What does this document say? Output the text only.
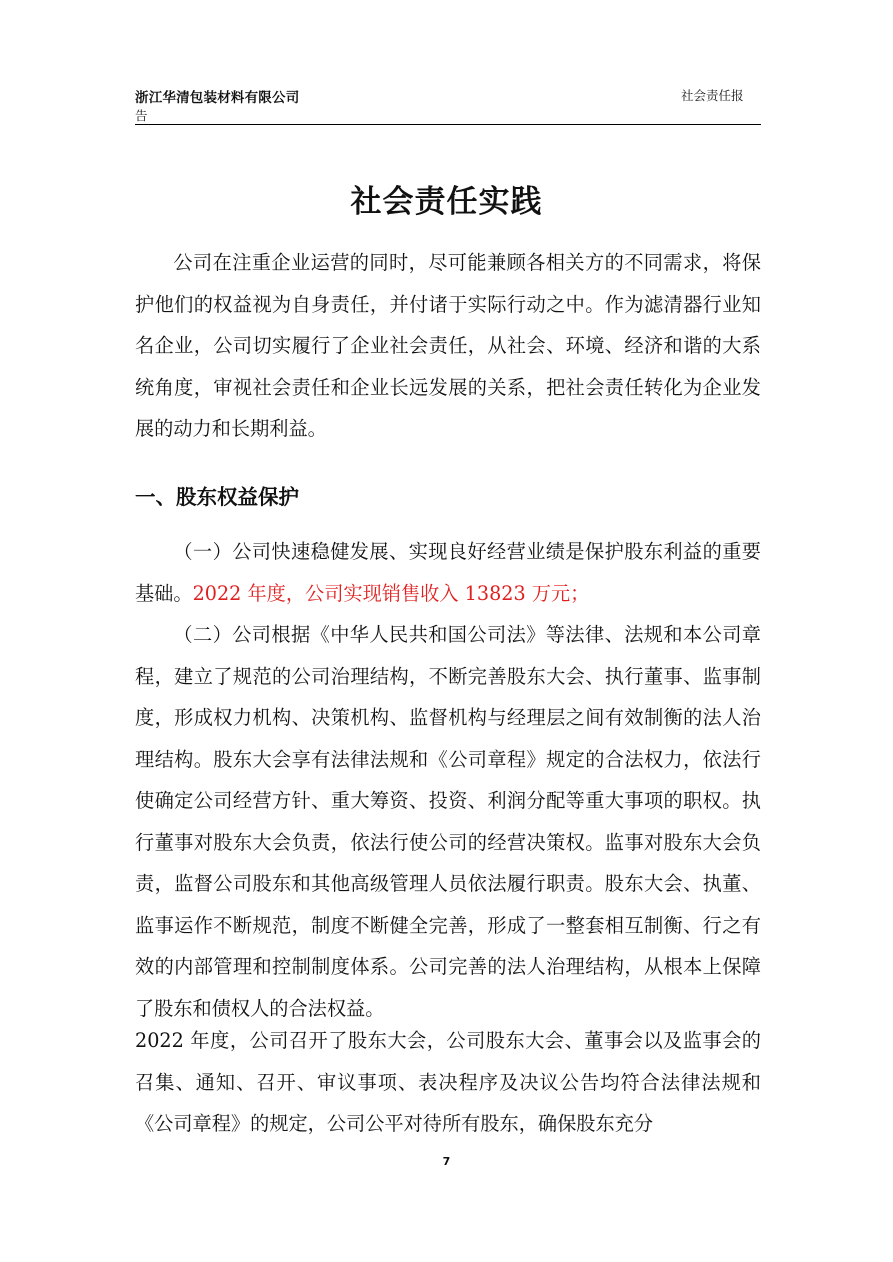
浙江华清包装材料有限公司
告
社会责任报
社会责任实践

公司在注重企业运营的同时，尽可能兼顾各相关方的不同需求，将保护他们的权益视为自身责任，并付诸于实际行动之中。作为滤清器行业知名企业，公司切实履行了企业社会责任，从社会、环境、经济和谐的大系统角度，审视社会责任和企业长远发展的关系，把社会责任转化为企业发展的动力和长期利益。

一、股东权益保护

（一）公司快速稳健发展、实现良好经营业绩是保护股东利益的重要基础。2022 年度，公司实现销售收入 13823 万元；

（二）公司根据《中华人民共和国公司法》等法律、法规和本公司章程，建立了规范的公司治理结构，不断完善股东大会、执行董事、监事制度，形成权力机构、决策机构、监督机构与经理层之间有效制衡的法人治理结构。股东大会享有法律法规和《公司章程》规定的合法权力，依法行使确定公司经营方针、重大筹资、投资、利润分配等重大事项的职权。执行董事对股东大会负责，依法行使公司的经营决策权。监事对股东大会负责，监督公司股东和其他高级管理人员依法履行职责。股东大会、执董、监事运作不断规范，制度不断健全完善，形成了一整套相互制衡、行之有效的内部管理和控制制度体系。公司完善的法人治理结构，从根本上保障了股东和债权人的合法权益。

2022 年度，公司召开了股东大会，公司股东大会、董事会以及监事会的召集、通知、召开、审议事项、表决程序及决议公告均符合法律法规和《公司章程》的规定，公司公平对待所有股东，确保股东充分

7
